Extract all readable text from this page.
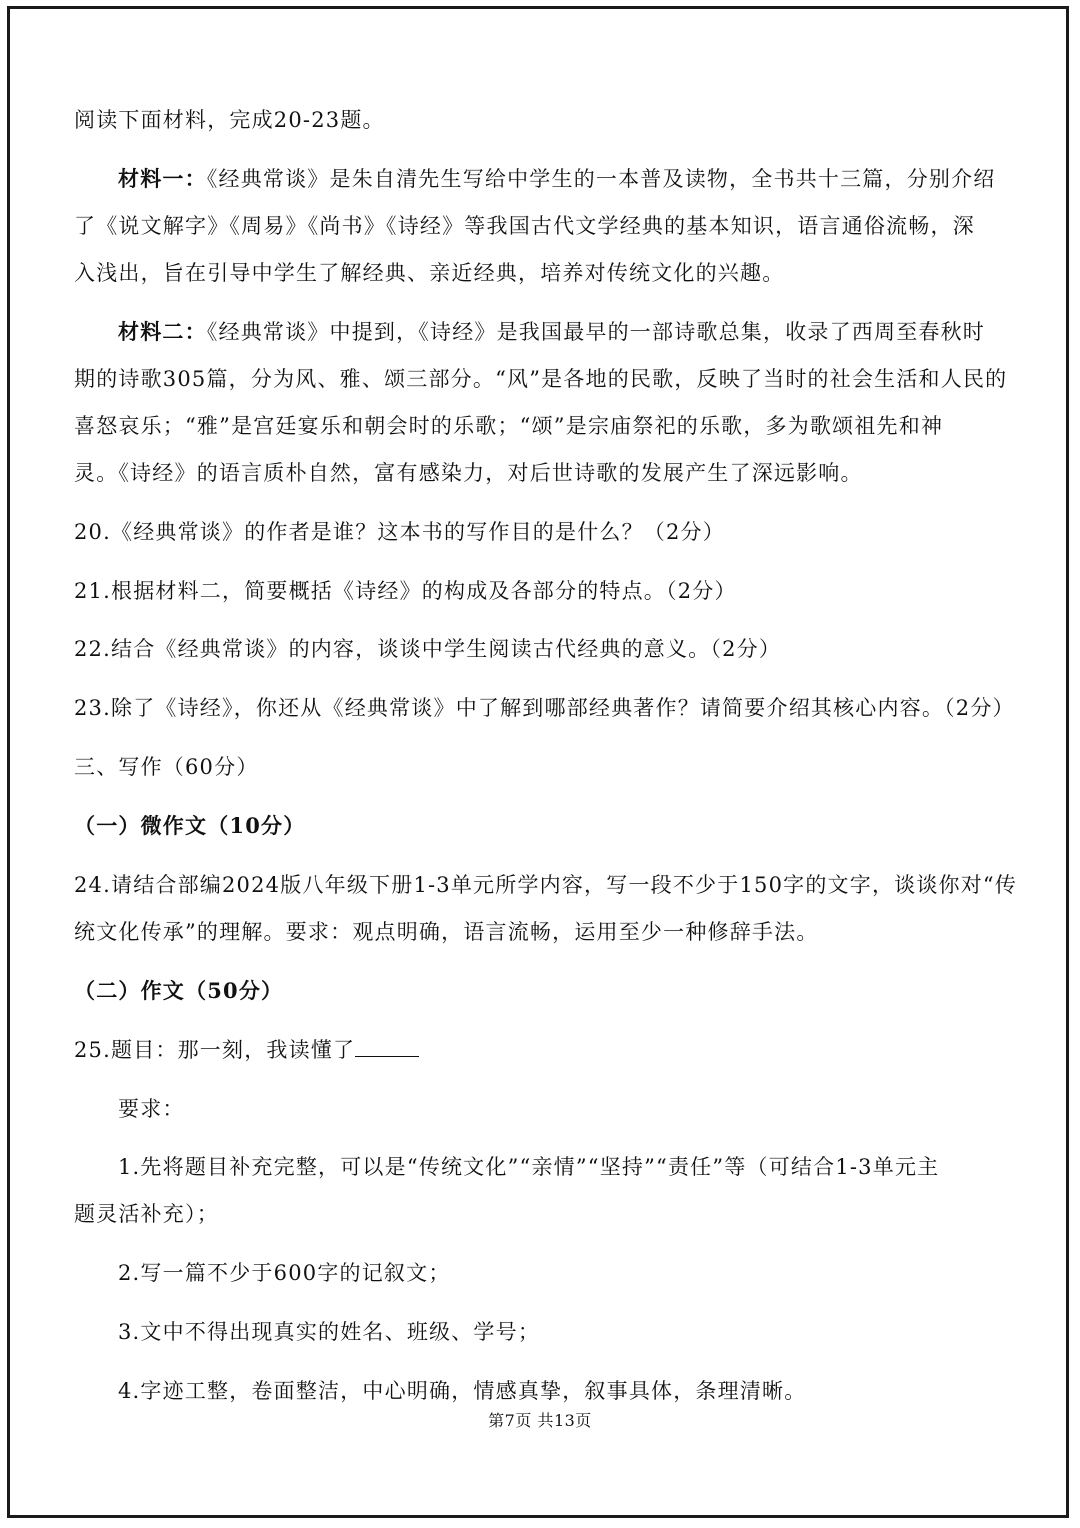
阅读下面材料，完成20-23题。
材料一：《经典常谈》是朱自清先生写给中学生的一本普及读物，全书共十三篇，分别介绍
了《说文解字》《周易》《尚书》《诗经》等我国古代文学经典的基本知识，语言通俗流畅，深
入浅出，旨在引导中学生了解经典、亲近经典，培养对传统文化的兴趣。
材料二：《经典常谈》中提到，《诗经》是我国最早的一部诗歌总集，收录了西周至春秋时
期的诗歌305篇，分为风、雅、颂三部分。“风”是各地的民歌，反映了当时的社会生活和人民的
喜怒哀乐；“雅”是宫廷宴乐和朝会时的乐歌；“颂”是宗庙祭祀的乐歌，多为歌颂祖先和神
灵。《诗经》的语言质朴自然，富有感染力，对后世诗歌的发展产生了深远影响。
20.《经典常谈》的作者是谁？这本书的写作目的是什么？（2分）
21.根据材料二，简要概括《诗经》的构成及各部分的特点。（2分）
22.结合《经典常谈》的内容，谈谈中学生阅读古代经典的意义。（2分）
23.除了《诗经》，你还从《经典常谈》中了解到哪部经典著作？请简要介绍其核心内容。（2分）
三、写作（60分）
（一）微作文（10分）
24.请结合部编2024版八年级下册1-3单元所学内容，写一段不少于150字的文字，谈谈你对“传
统文化传承”的理解。要求：观点明确，语言流畅，运用至少一种修辞手法。
（二）作文（50分）
25.题目：那一刻，我读懂了
要求：
1.先将题目补充完整，可以是“传统文化”“亲情”“坚持”“责任”等（可结合1-3单元主
题灵活补充）；
2.写一篇不少于600字的记叙文；
3.文中不得出现真实的姓名、班级、学号；
4.字迹工整，卷面整洁，中心明确，情感真挚，叙事具体，条理清晰。
第7页 共13页
